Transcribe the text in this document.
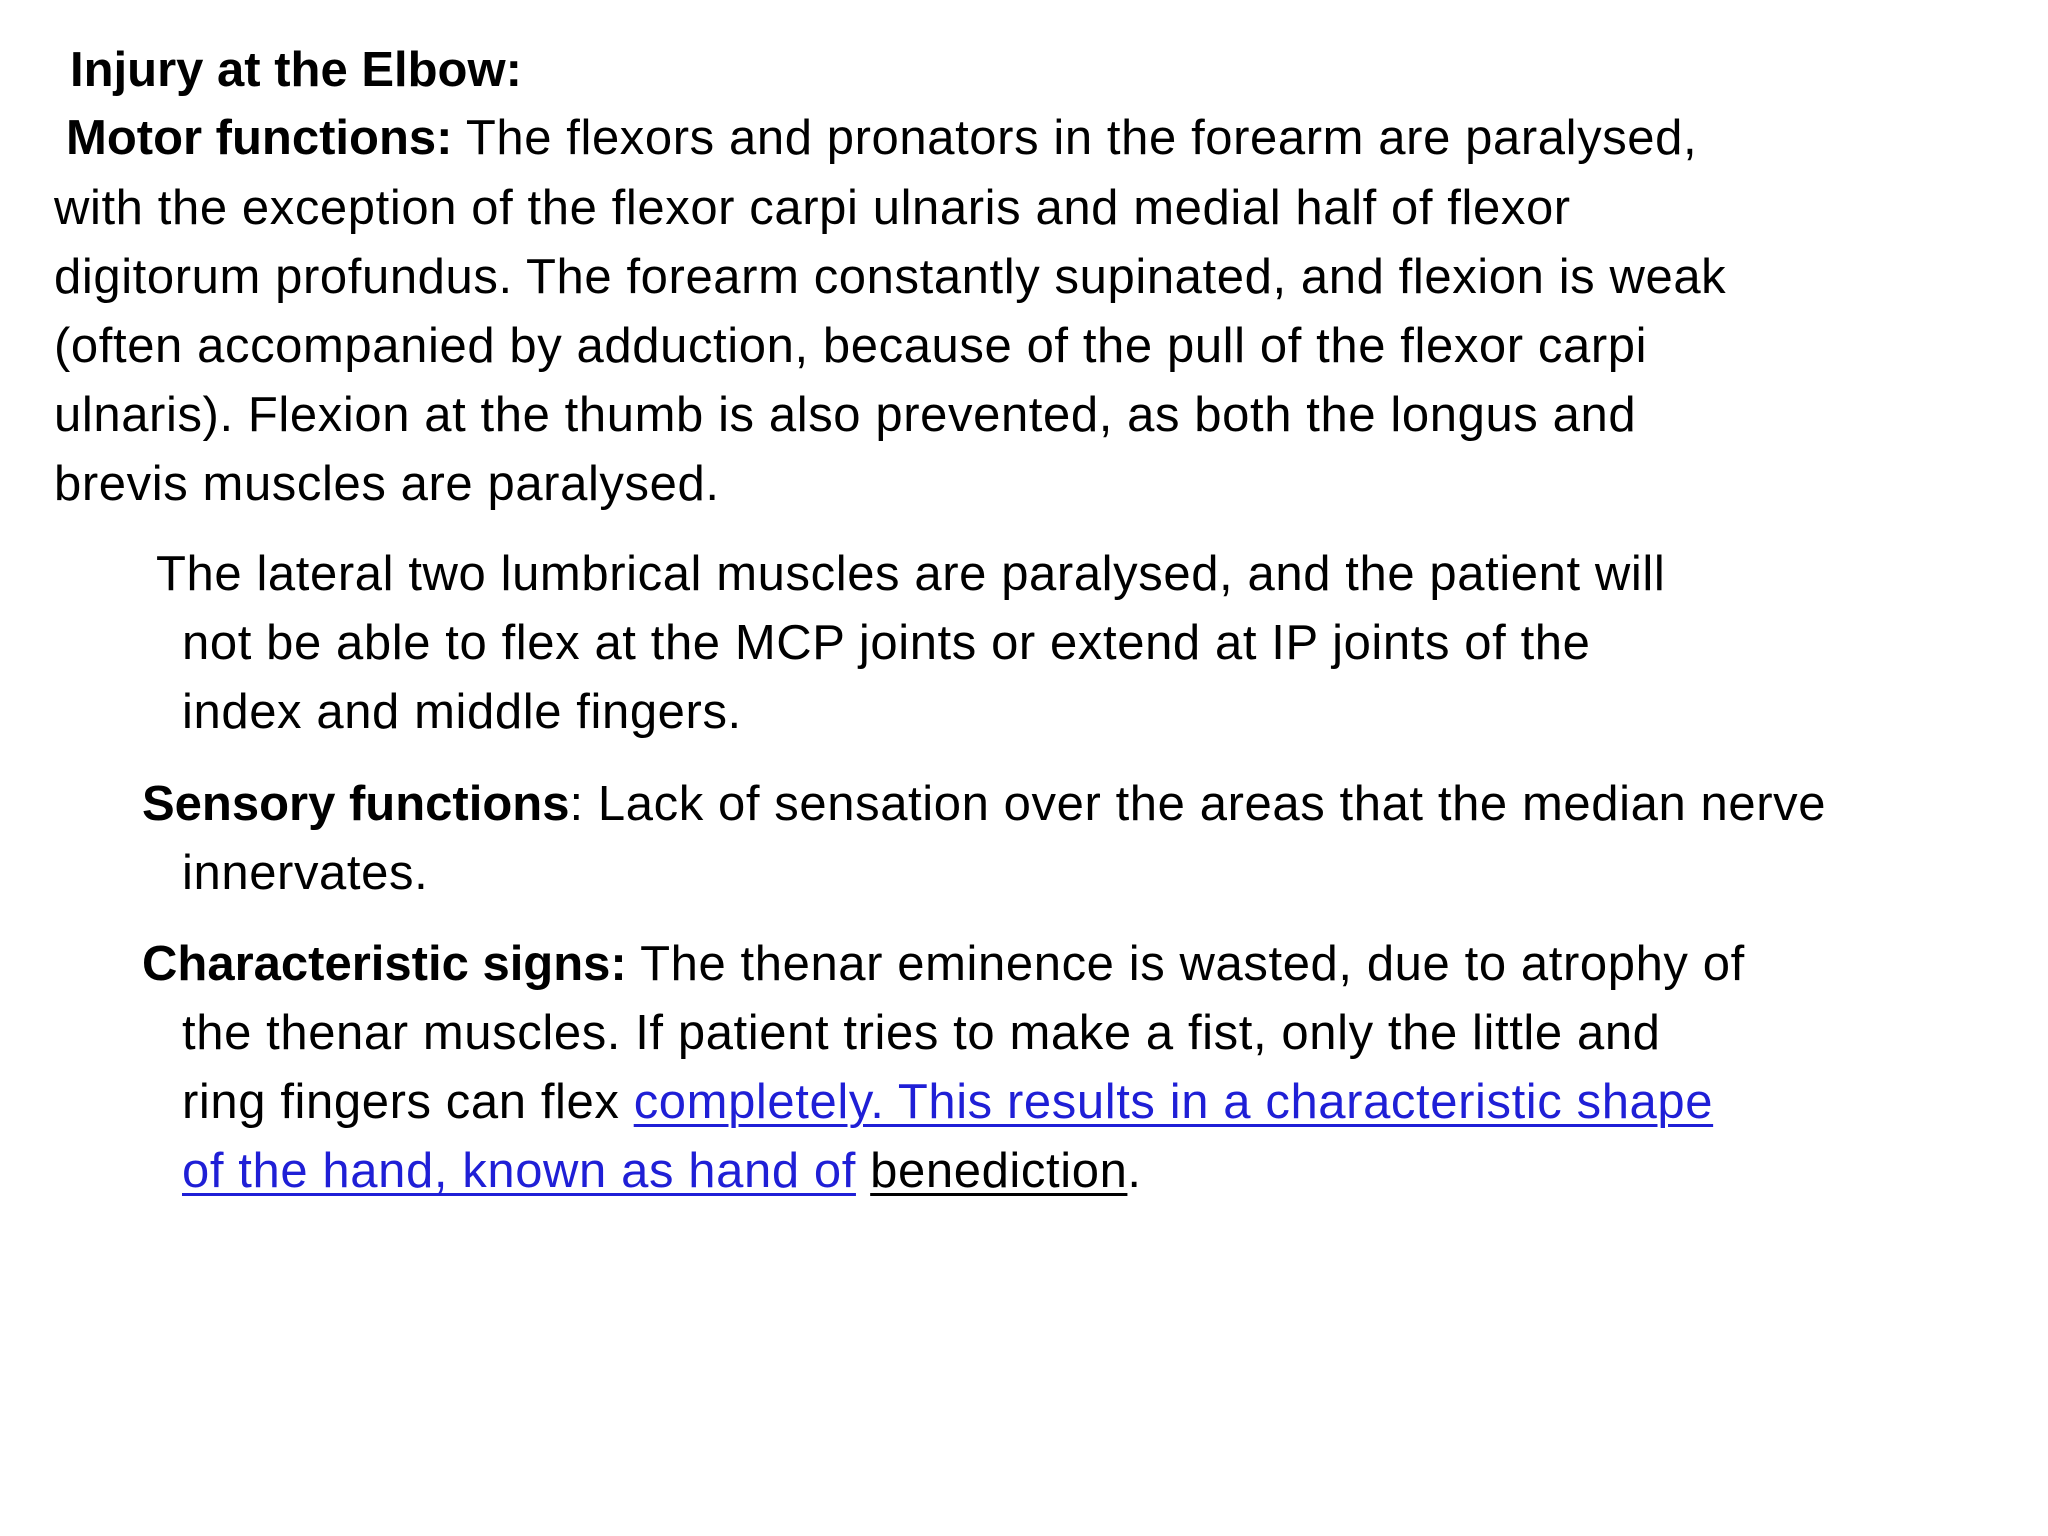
Injury at the Elbow:
Motor functions: The flexors and pronators in the forearm are paralysed,
with the exception of the flexor carpi ulnaris and medial half of flexor
digitorum profundus. The forearm constantly supinated, and flexion is weak
(often accompanied by adduction, because of the pull of the flexor carpi
ulnaris). Flexion at the thumb is also prevented, as both the longus and
brevis muscles are paralysed.
The lateral two lumbrical muscles are paralysed, and the patient will
not be able to flex at the MCP joints or extend at IP joints of the
index and middle fingers.
Sensory functions: Lack of sensation over the areas that the median nerve
innervates.
Characteristic signs: The thenar eminence is wasted, due to atrophy of
the thenar muscles. If patient tries to make a fist, only the little and
ring fingers can flex completely. This results in a characteristic shape
of the hand, known as hand of benediction.
